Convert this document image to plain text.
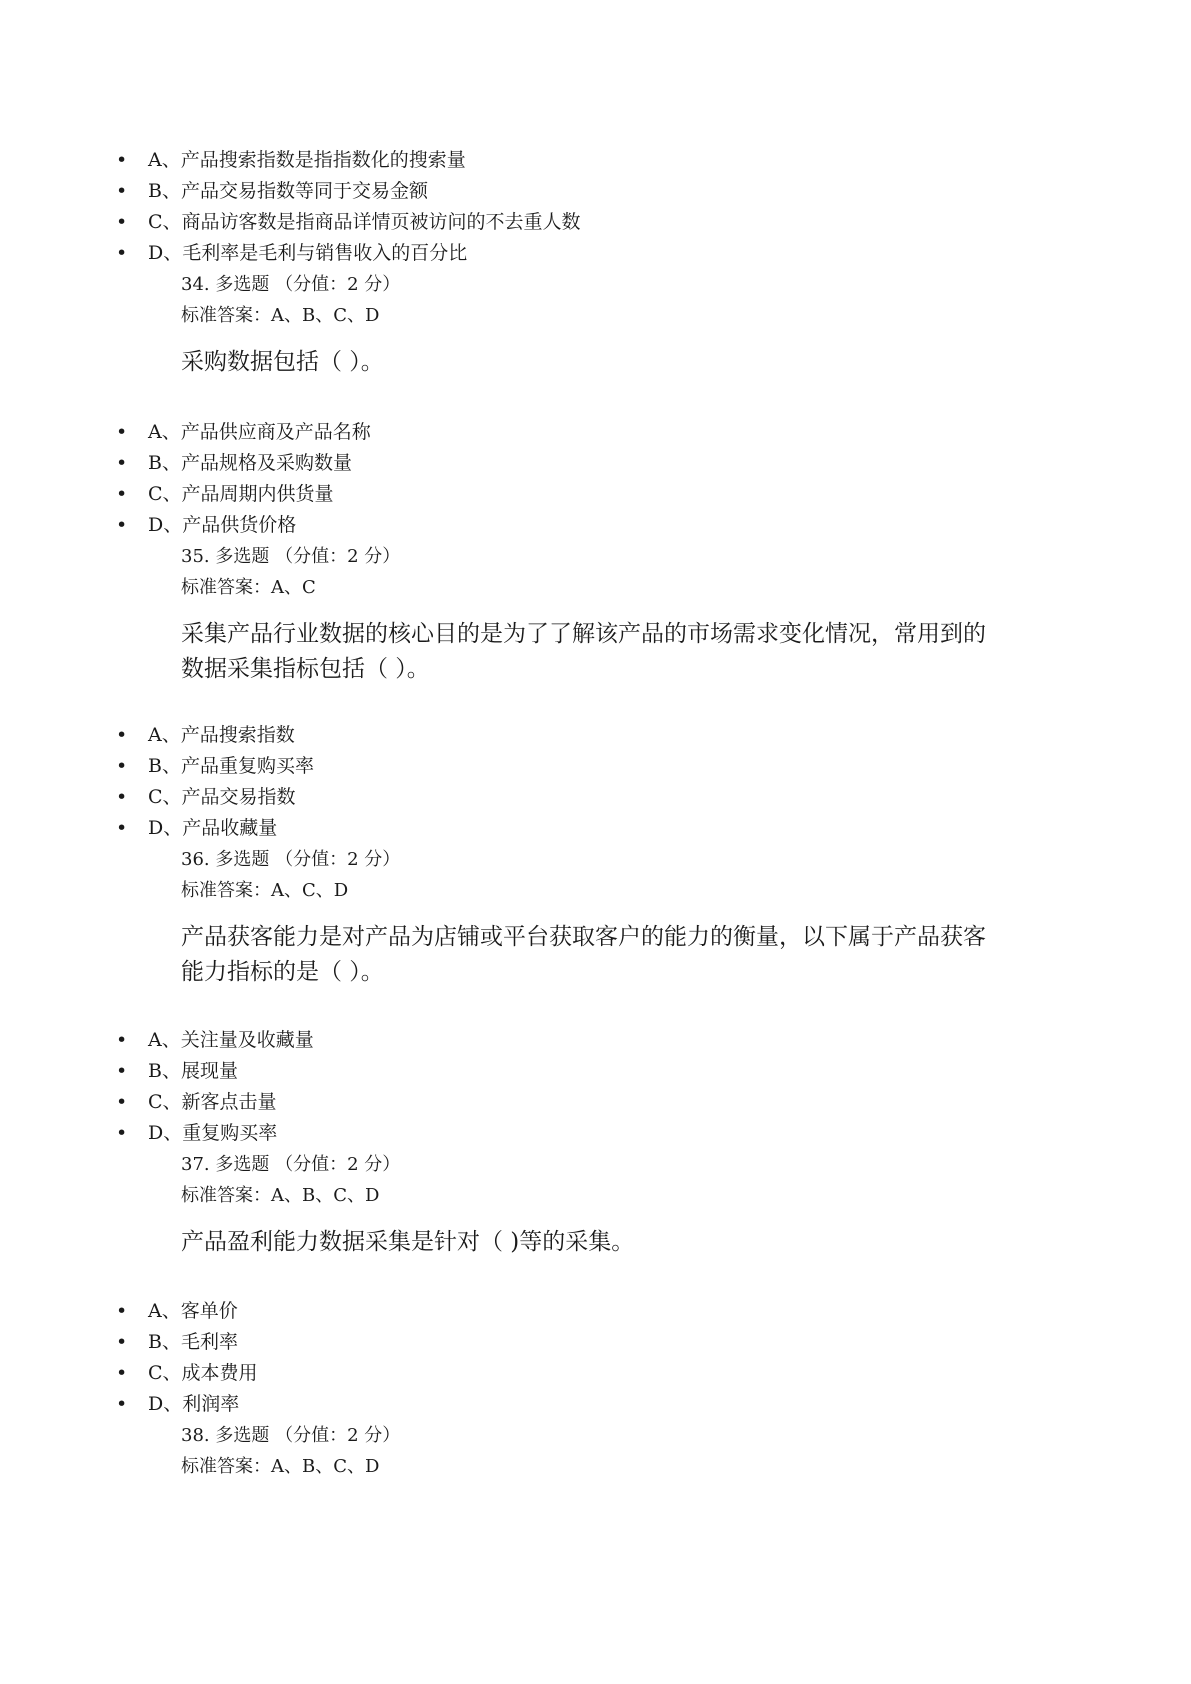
• A、产品搜索指数是指指数化的搜索量
• B、产品交易指数等同于交易金额
• C、商品访客数是指商品详情页被访问的不去重人数
• D、毛利率是毛利与销售收入的百分比
34. 多选题 （分值：2 分）
标准答案：A、B、C、D
采购数据包括（ ）。
• A、产品供应商及产品名称
• B、产品规格及采购数量
• C、产品周期内供货量
• D、产品供货价格
35. 多选题 （分值：2 分）
标准答案：A、C
采集产品行业数据的核心目的是为了了解该产品的市场需求变化情况，常用到的数据采集指标包括（ ）。
• A、产品搜索指数
• B、产品重复购买率
• C、产品交易指数
• D、产品收藏量
36. 多选题 （分值：2 分）
标准答案：A、C、D
产品获客能力是对产品为店铺或平台获取客户的能力的衡量，以下属于产品获客能力指标的是（ ）。
• A、关注量及收藏量
• B、展现量
• C、新客点击量
• D、重复购买率
37. 多选题 （分值：2 分）
标准答案：A、B、C、D
产品盈利能力数据采集是针对（ )等的采集。
• A、客单价
• B、毛利率
• C、成本费用
• D、利润率
38. 多选题 （分值：2 分）
标准答案：A、B、C、D
